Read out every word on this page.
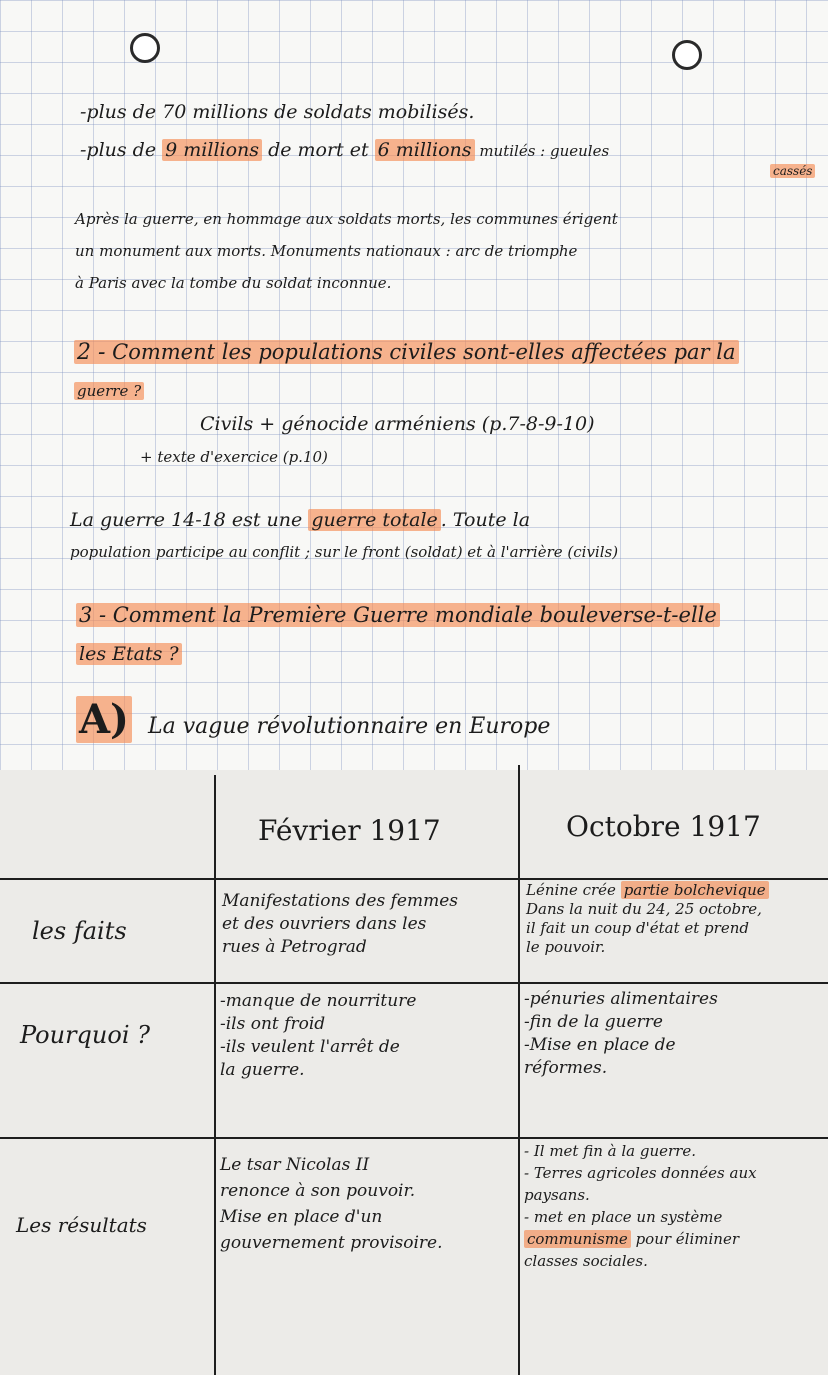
-plus de 70 millions de soldats mobilisés.
-plus de 9 millions de mort et 6 millions mutilés : gueules
cassés
Après la guerre, en hommage aux soldats morts, les communes érigent
un monument aux morts. Monuments nationaux : arc de triomphe
à Paris avec la tombe du soldat inconnue.
2 - Comment les populations civiles sont-elles affectées par la
guerre ?
Civils + génocide arméniens (p.7-8-9-10)
+ texte d'exercice (p.10)
La guerre 14-18 est une guerre totale . Toute la
population participe au conflit ; sur le front (soldat) et à l'arrière (civils)
3 - Comment la Première Guerre mondiale bouleverse-t-elle
les Etats ?
A) La vague révolutionnaire en Europe
Février 1917	Octobre 1917
les faits
Manifestations des femmes
et des ouvriers dans les
rues à Petrograd
Lénine crée partie bolchevique
Dans la nuit du 24, 25 octobre,
il fait un coup d'état et prend
le pouvoir.
Pourquoi ?
-manque de nourriture
-ils ont froid
-ils veulent l'arrêt de
la guerre.
-pénuries alimentaires
-fin de la guerre
-Mise en place de
réformes.
Les résultats
Le tsar Nicolas II
renonce à son pouvoir.
Mise en place d'un
gouvernement provisoire.
- Il met fin à la guerre.
- Terres agricoles données aux
paysans.
- met en place un système
communisme pour éliminer
classes sociales.
